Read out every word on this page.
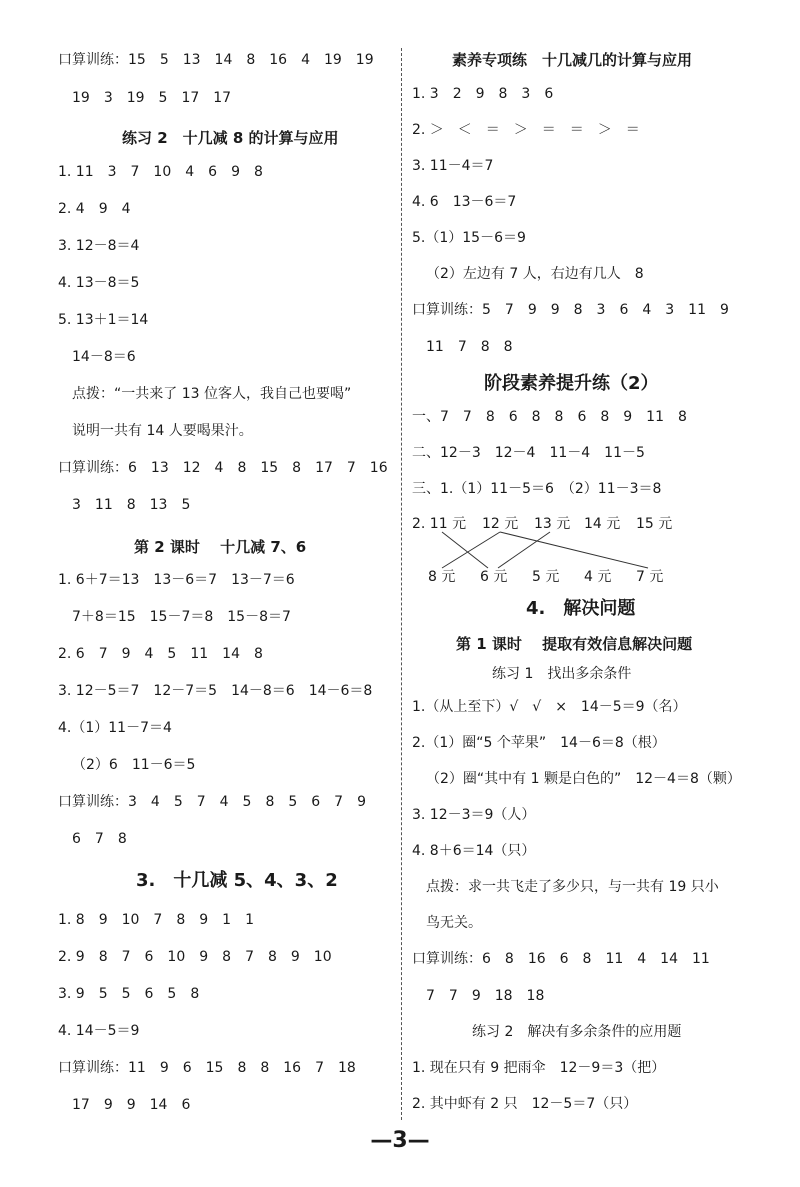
口算训练：15　5　13　14　8　16　4　19　19
19　3　19　5　17　17
练习 2　十几减 8 的计算与应用
1. 11　3　7　10　4　6　9　8
2. 4　9　4
3. 12－8＝4
4. 13－8＝5
5. 13＋1＝14
14－8＝6
点拨：“一共来了 13 位客人，我自己也要喝”
说明一共有 14 人要喝果汁。
口算训练：6　13　12　4　8　15　8　17　7　16
3　11　8　13　5
第 2 课时　 十几减 7、6
1. 6＋7＝13　13－6＝7　13－7＝6
7＋8＝15　15－7＝8　15－8＝7
2. 6　7　9　4　5　11　14　8
3. 12－5＝7　12－7＝5　14－8＝6　14－6＝8
4.（1）11－7＝4
（2）6　11－6＝5
口算训练：3　4　5　7　4　5　8　5　6　7　9
6　7　8
3.　十几减 5、4、3、2
1. 8　9　10　7　8　9　1　1
2. 9　8　7　6　10　9　8　7　8　9　10
3. 9　5　5　6　5　8
4. 14－5＝9
口算训练：11　9　6　15　8　8　16　7　18
17　9　9　14　6
素养专项练　十几减几的计算与应用
1. 3　2　9　8　3　6
2. ＞　＜　＝　＞　＝　＝　＞　＝
3. 11－4＝7
4. 6　13－6＝7
5.（1）15－6＝9
（2）左边有 7 人，右边有几人　8
口算训练：5　7　9　9　8　3　6　4　3　11　9
11　7　8　8
阶段素养提升练（2）
一、7　7　8　6　8　8　6　8　9　11　8
二、12－3　12－4　11－4　11－5
三、1.（1）11－5＝6　（2）11－3＝8
2. 11 元 12 元 13 元 14 元 15 元
8 元 6 元 5 元 4 元 7 元
4.　解决问题
第 1 课时　 提取有效信息解决问题
练习 1　找出多余条件
1.（从上至下）√　√　×　14－5＝9（名）
2.（1）圈“5 个苹果”　14－6＝8（根）
（2）圈“其中有 1 颗是白色的”　12－4＝8（颗）
3. 12－3＝9（人）
4. 8＋6＝14（只）
点拨：求一共飞走了多少只，与一共有 19 只小
鸟无关。
口算训练：6　8　16　6　8　11　4　14　11
7　7　9　18　18
练习 2　解决有多余条件的应用题
1. 现在只有 9 把雨伞　12－9＝3（把）
2. 其中虾有 2 只　12－5＝7（只）
—3—
